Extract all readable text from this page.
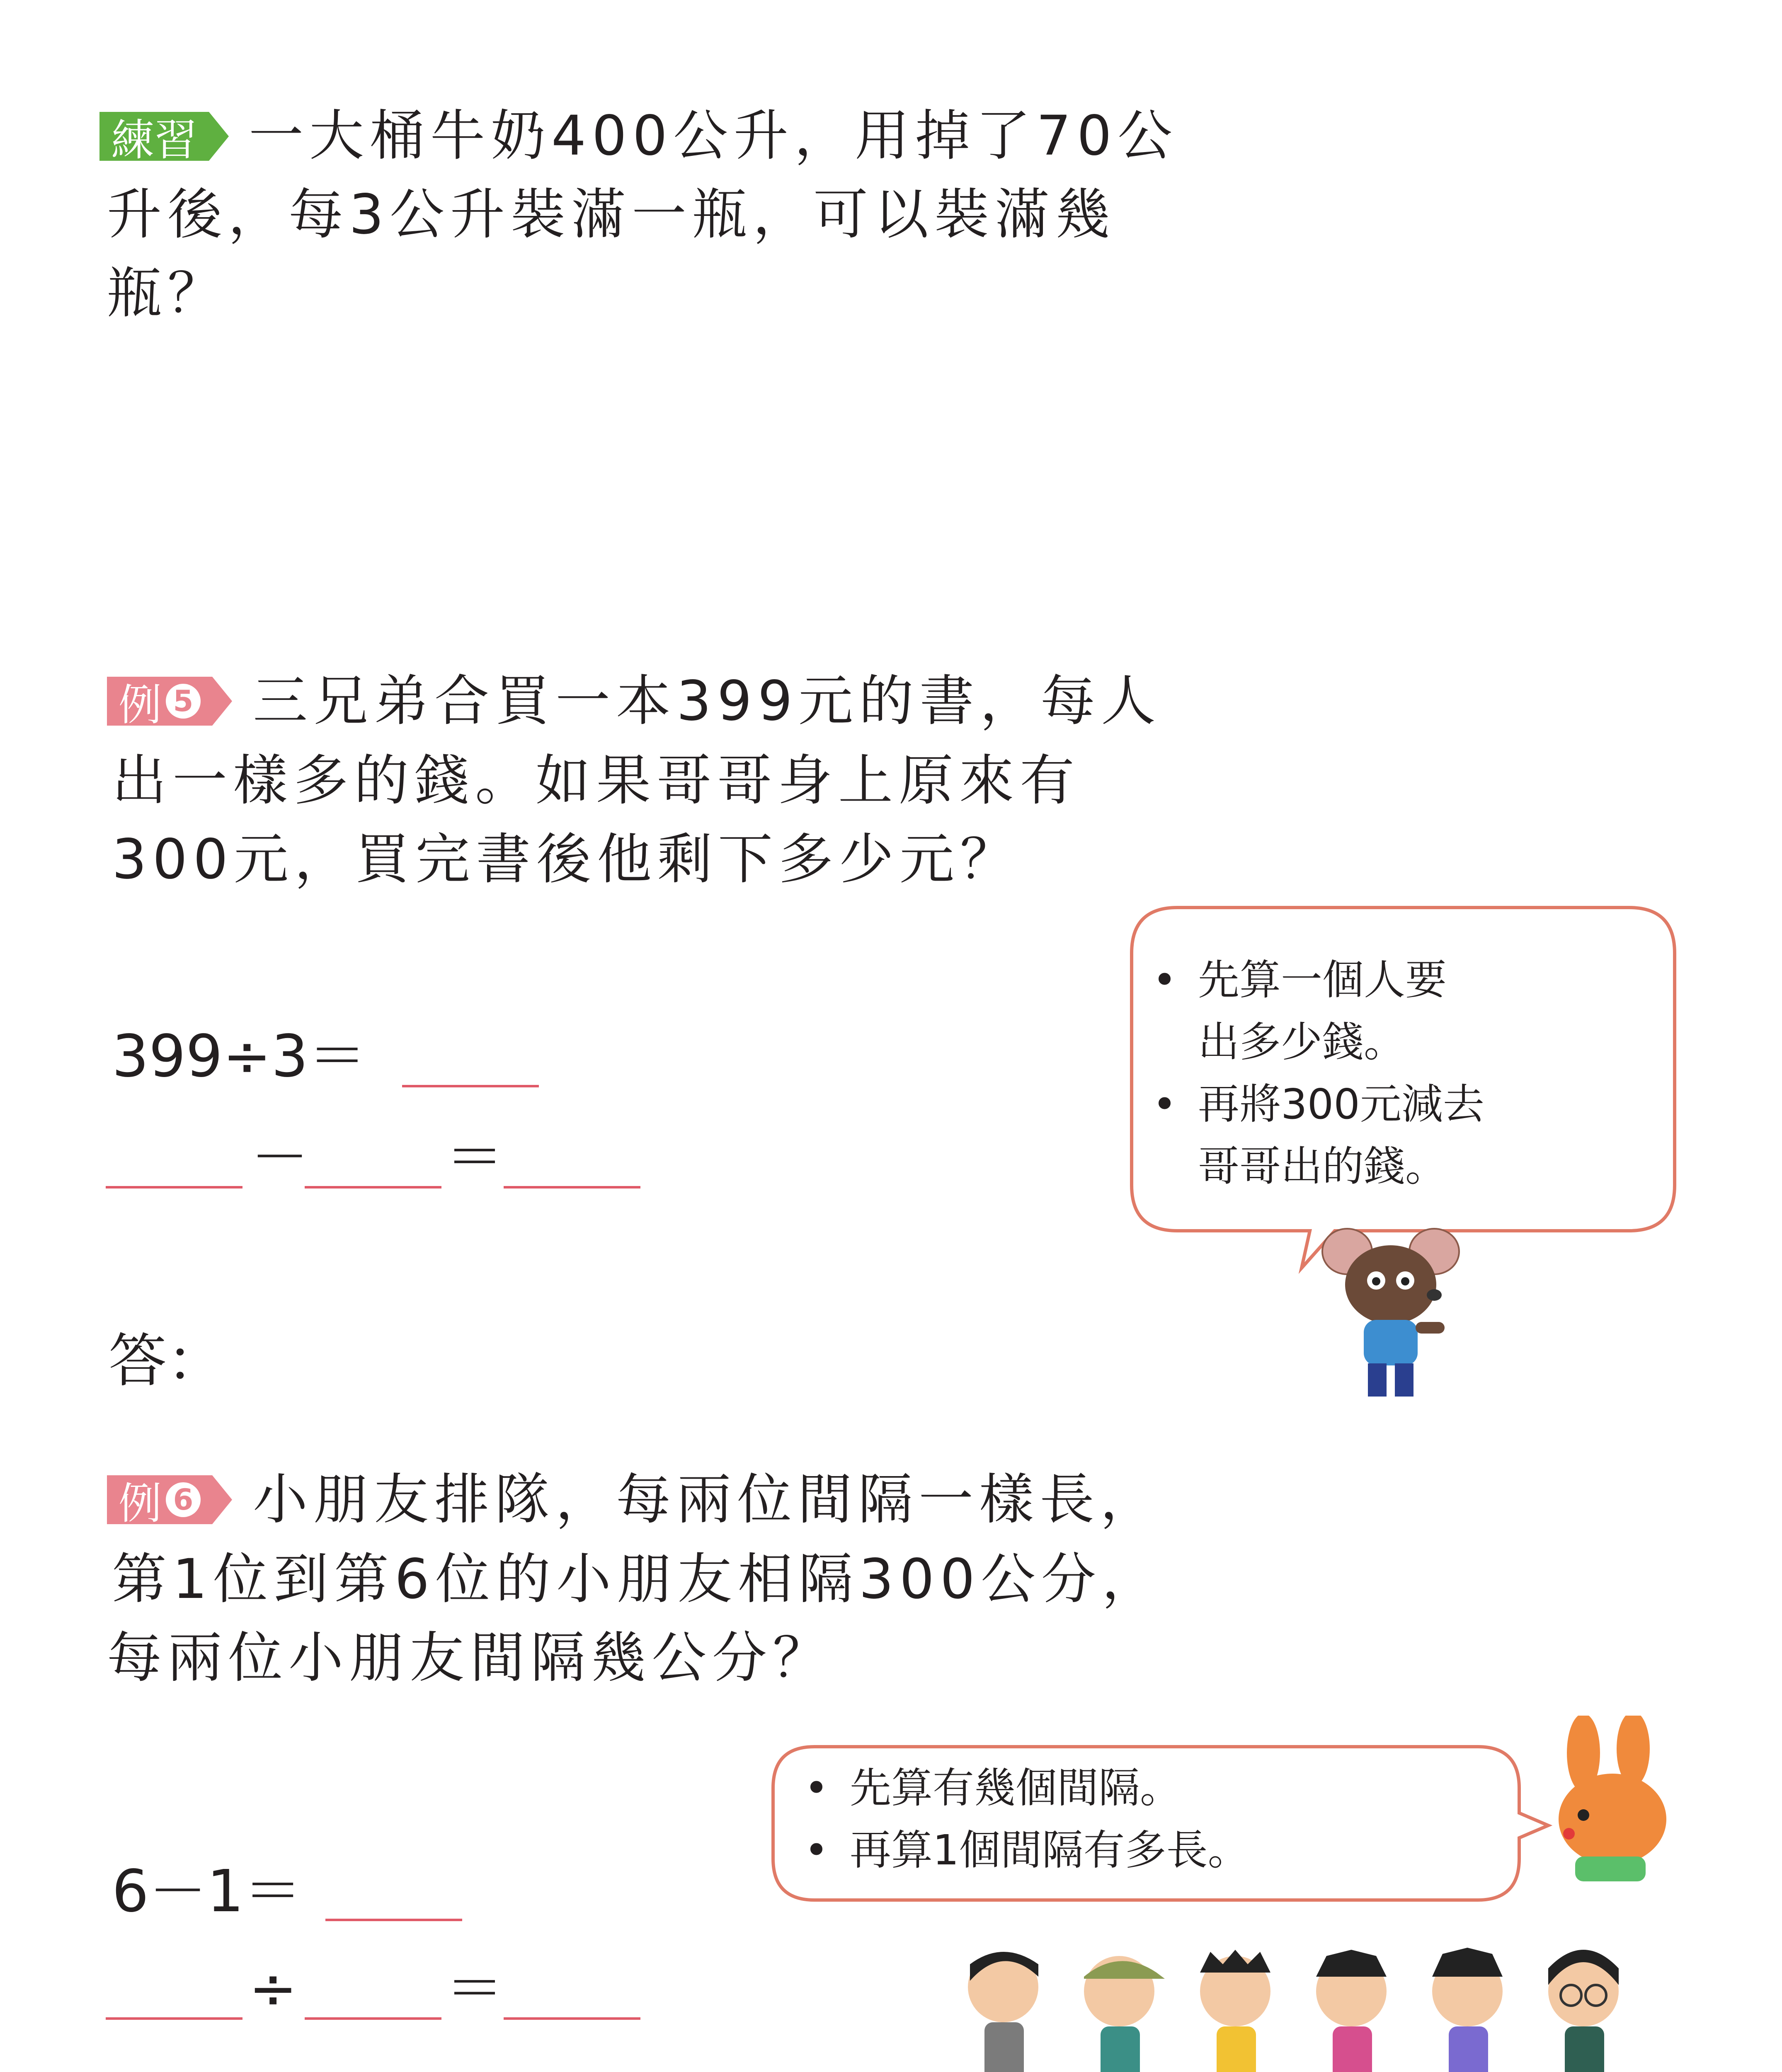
練習 一大桶牛奶400公升，用掉了70公
升後，每3公升裝滿一瓶，可以裝滿幾
瓶？
例 5 三兄弟合買一本399元的書，每人
出一樣多的錢。如果哥哥身上原來有
300元，買完書後他剩下多少元？
399÷3＝
－ ＝
答：
• 先算一個人要
出多少錢。
• 再將300元減去
哥哥出的錢。
例 6 小朋友排隊，每兩位間隔一樣長，
第1位到第6位的小朋友相隔300公分，
每兩位小朋友間隔幾公分？
6－1＝
÷	＝
• 先算有幾個間隔。
• 再算1個間隔有多長。
